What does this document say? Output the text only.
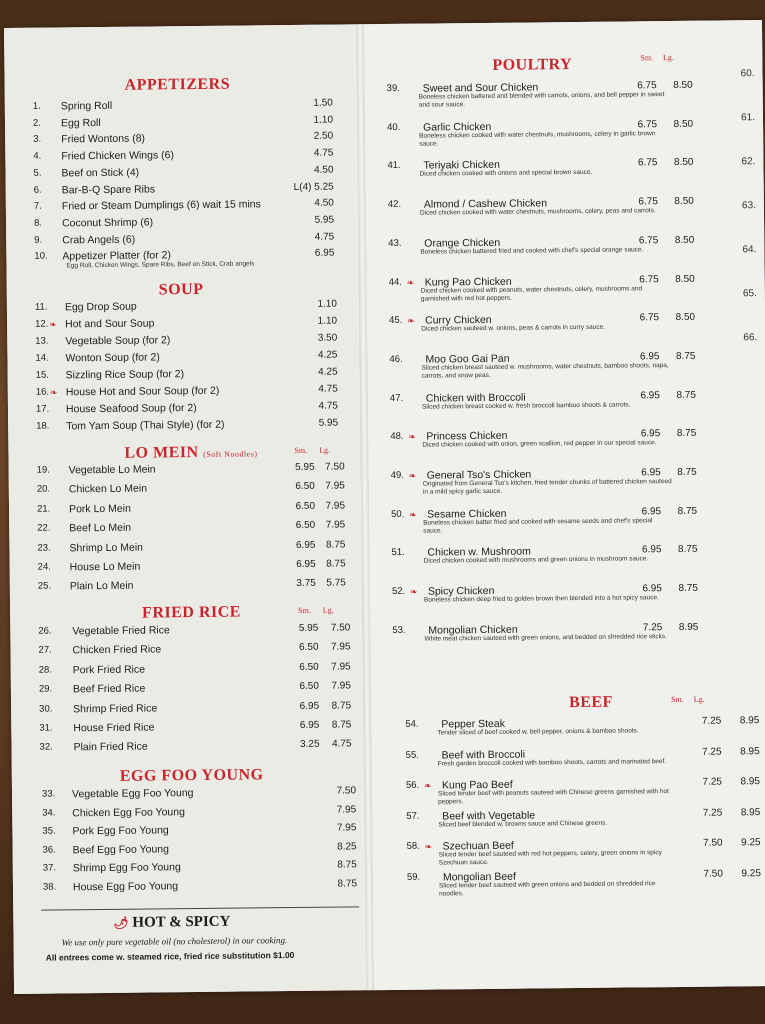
APPETIZERS
1.	Spring Roll	1.50
2.	Egg Roll	1.10
3.	Fried Wontons (8)	2.50
4.	Fried Chicken Wings (6)	4.75
5.	Beef on Stick (4)	4.50
6.	Bar-B-Q Spare Ribs	L(4) 5.25
7.	Fried or Steam Dumplings (6) wait 15 mins	4.50
8.	Coconut Shrimp (6)	5.95
9.	Crab Angels (6)	4.75
10.	Appetizer Platter (for 2)	6.95
Egg Roll, Chicken Wings, Spare Ribs, Beef on Stick, Crab angels
SOUP
11.	Egg Drop Soup	1.10
12. ❧ Hot and Sour Soup	1.10
13.	Vegetable Soup (for 2)	3.50
14.	Wonton Soup (for 2)	4.25
15.	Sizzling Rice Soup (for 2)	4.25
16. ❧ House Hot and Sour Soup (for 2)	4.75
17.	House Seafood Soup (for 2)	4.75
18.	Tom Yam Soup (Thai Style) (for 2)	5.95
LO MEIN (Soft Noodles)	Sm. Lg.
19.	Vegetable Lo Mein	5.95	7.50
20.	Chicken Lo Mein	6.50	7.95
21.	Pork Lo Mein	6.50	7.95
22.	Beef Lo Mein	6.50	7.95
23.	Shrimp Lo Mein	6.95	8.75
24.	House Lo Mein	6.95	8.75
25.	Plain Lo Mein	3.75	5.75
FRIED RICE	Sm. Lg.
26.	Vegetable Fried Rice	5.95	7.50
27.	Chicken Fried Rice	6.50	7.95
28.	Pork Fried Rice	6.50	7.95
29.	Beef Fried Rice	6.50	7.95
30.	Shrimp Fried Rice	6.95	8.75
31.	House Fried Rice	6.95	8.75
32.	Plain Fried Rice	3.25	4.75
EGG FOO YOUNG
33.	Vegetable Egg Foo Young	7.50
34.	Chicken Egg Foo Young	7.95
35.	Pork Egg Foo Young	7.95
36.	Beef Egg Foo Young	8.25
37.	Shrimp Egg Foo Young	8.75
38.	House Egg Foo Young	8.75
🌶 HOT & SPICY
We use only pure vegetable oil (no cholesterol) in our cooking.
All entrees come w. steamed rice, fried rice substitution $1.00
POULTRY	Sm. Lg.
39.	Sweet and Sour Chicken	6.75	8.50
Boneless chicken battered and blended with carrots, onions, and bell pepper in sweet and sour sauce.
40.	Garlic Chicken	6.75	8.50
Boneless chicken cooked with water chestnuts, mushrooms, celery in garlic brown sauce.
41.	Teriyaki Chicken	6.75	8.50
Diced chicken cooked with onions and special brown sauce.
42.	Almond / Cashew Chicken	6.75	8.50
Diced chicken cooked with water chestnuts, mushrooms, celery, peas and carrots.
43.	Orange Chicken	6.75	8.50
Boneless chicken battered fried and cooked with chef's special orange sauce.
44. ❧ Kung Pao Chicken	6.75	8.50
Diced chicken cooked with peanuts, water chestnuts, celery, mushrooms and garnished with red hot peppers.
45. ❧ Curry Chicken	6.75	8.50
Diced chicken sauteed w. onions, peas & carrots in curry sauce.
46.	Moo Goo Gai Pan	6.95	8.75
Sliced chicken breast sauteed w. mushrooms, water chestnuts, bamboo shoots, napa, carrots, and snow peas.
47.	Chicken with Broccoli	6.95	8.75
Sliced chicken breast cooked w. fresh broccoli bamboo shoots & carrots.
48. ❧ Princess Chicken	6.95	8.75
Diced chicken cooked with onion, green scallion, red pepper in our special sauce.
49. ❧ General Tso's Chicken	6.95	8.75
Originated from General Tso's kitchen, fried tender chunks of battered chicken sauteed in a mild spicy garlic sauce.
50. ❧ Sesame Chicken	6.95	8.75
Boneless chicken batter fried and cooked with sesame seeds and chef's special sauce.
51.	Chicken w. Mushroom	6.95	8.75
Diced chicken cooked with mushrooms and green onions in mushroom sauce.
52. ❧ Spicy Chicken	6.95	8.75
Boneless chicken deep fried to golden brown then blended into a hot spicy sauce.
53.	Mongolian Chicken	7.25	8.95
White meat chicken sauteed with green onions, and bedded on shredded rice sticks.
BEEF	Sm. Lg.
54.	Pepper Steak	7.25	8.95
Tender sliced of beef cooked w. bell pepper, onions & bamboo shoots.
55.	Beef with Broccoli	7.25	8.95
Fresh garden broccoli cooked with bamboo shoots, carrots and marinated beef.
56. ❧ Kung Pao Beef	7.25	8.95
Sliced tender beef with peanuts sauteed with Chinese greens garnished with hot peppers.
57.	Beef with Vegetable	7.25	8.95
Sliced beef blended w. browns sauce and Chinese greens.
58. ❧ Szechuan Beef	7.50	9.25
Sliced tender beef sauteed with red hot peppers, celery, green onions in spicy Szechuan sauce.
59.	Mongolian Beef	7.50	9.25
Sliced tender beef sauteed with green onions and bedded on shredded rice noodles.
60.
61.
62.
63.
64.
65.
66.
